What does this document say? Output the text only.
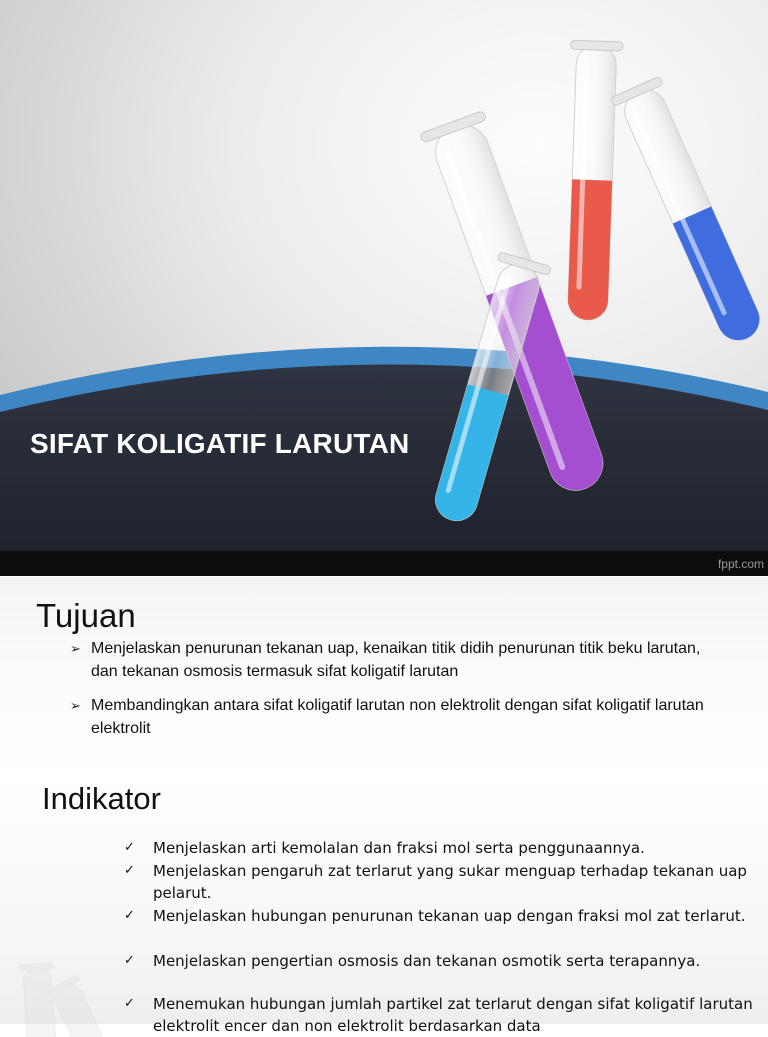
SIFAT KOLIGATIF LARUTAN
fppt.com
Tujuan
➢ Menjelaskan penurunan tekanan uap, kenaikan titik didih penurunan titik beku larutan, dan tekanan osmosis termasuk sifat koligatif larutan
➢ Membandingkan antara sifat koligatif larutan non elektrolit dengan sifat koligatif larutan elektrolit
Indikator
✓	Menjelaskan arti kemolalan dan fraksi mol serta penggunaannya.
✓	Menjelaskan pengaruh zat terlarut yang sukar menguap terhadap tekanan uap pelarut.
✓	Menjelaskan hubungan penurunan tekanan uap dengan fraksi mol zat terlarut.
✓	Menjelaskan pengertian osmosis dan tekanan osmotik serta terapannya.
✓	Menemukan hubungan jumlah partikel zat terlarut dengan sifat koligatif larutan elektrolit encer dan non elektrolit berdasarkan data
